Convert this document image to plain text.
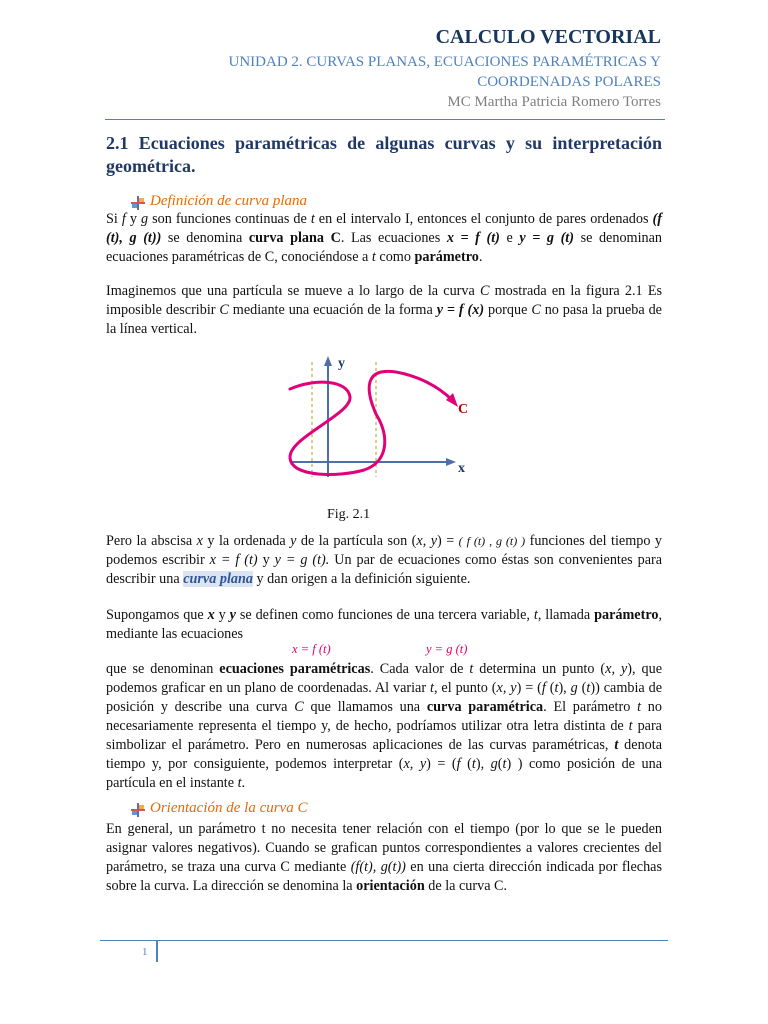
CALCULO VECTORIAL
UNIDAD 2. CURVAS PLANAS, ECUACIONES PARAMÉTRICAS Y
COORDENADAS POLARES
MC Martha Patricia Romero Torres
2.1 Ecuaciones paramétricas de algunas curvas y su interpretación geométrica.
Definición de curva plana
Si f y g son funciones continuas de t en el intervalo I, entonces el conjunto de pares ordenados (f (t), g (t)) se denomina curva plana C. Las ecuaciones x = f (t) e y = g (t) se denominan ecuaciones paramétricas de C, conociéndose a t como parámetro.
Imaginemos que una partícula se mueve a lo largo de la curva C mostrada en la figura 2.1 Es imposible describir C mediante una ecuación de la forma y = f (x) porque C no pasa la prueba de la línea vertical.
y
x
C
Fig. 2.1
Pero la abscisa x y la ordenada y de la partícula son (x, y) = ( f (t) , g (t) ) funciones del tiempo y podemos escribir x = f (t) y y = g (t). Un par de ecuaciones como éstas son convenientes para describir una curva plana y dan origen a la definición siguiente.
Supongamos que x y y se definen como funciones de una tercera variable, t, llamada parámetro, mediante las ecuaciones
x = f (t)	y = g (t)
que se denominan ecuaciones paramétricas. Cada valor de t determina un punto (x, y), que podemos graficar en un plano de coordenadas. Al variar t, el punto (x, y) = (f (t), g (t)) cambia de posición y describe una curva C que llamamos una curva paramétrica. El parámetro t no necesariamente representa el tiempo y, de hecho, podríamos utilizar otra letra distinta de t para simbolizar el parámetro. Pero en numerosas aplicaciones de las curvas paramétricas, t denota tiempo y, por consiguiente, podemos interpretar (x, y) = (f (t), g(t) ) como posición de una partícula en el instante t.
Orientación de la curva C
En general, un parámetro t no necesita tener relación con el tiempo (por lo que se le pueden asignar valores negativos). Cuando se grafican puntos correspondientes a valores crecientes del parámetro, se traza una curva C mediante (f(t), g(t)) en una cierta dirección indicada por flechas sobre la curva. La dirección se denomina la orientación de la curva C.
1
